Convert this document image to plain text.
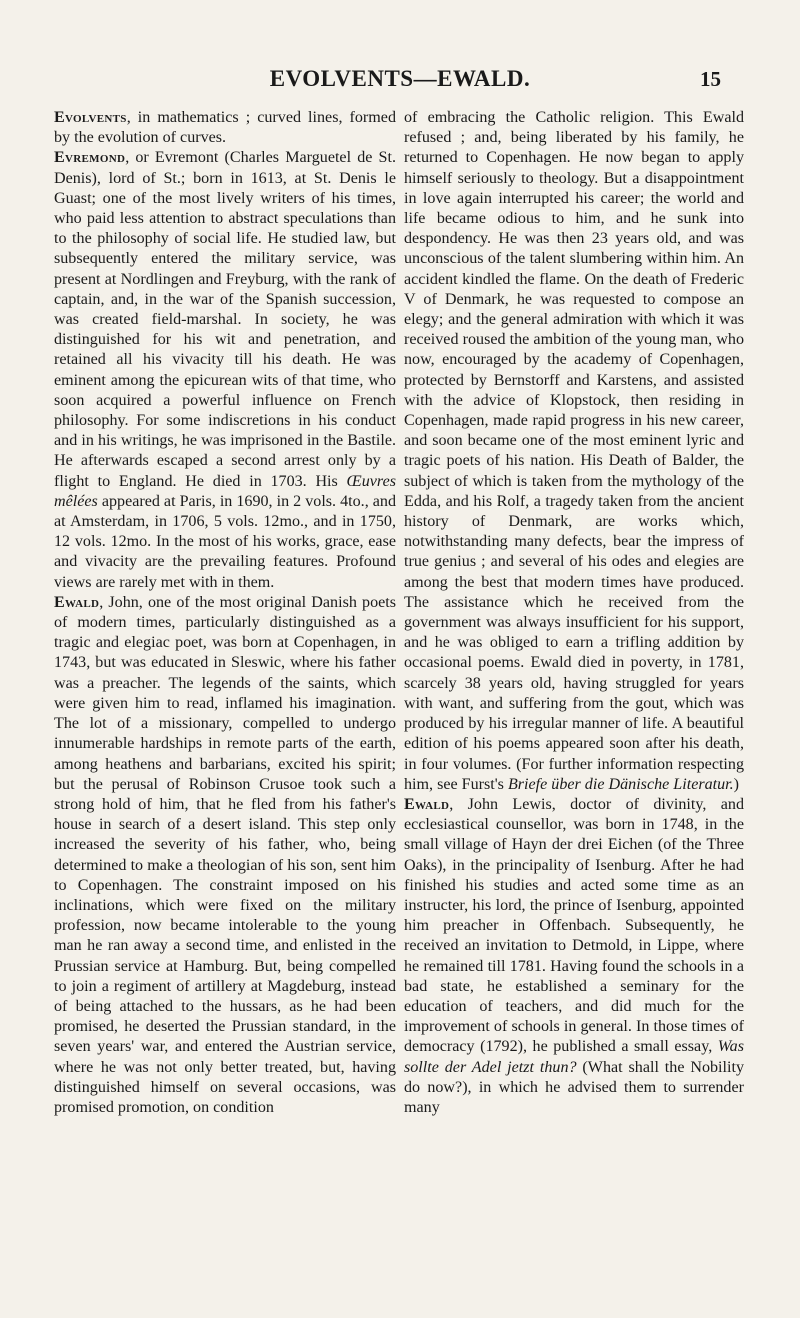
EVOLVENTS—EWALD.	15

Evolvents, in mathematics ; curved lines, formed by the evolution of curves.

Evremond, or Evremont (Charles Marguetel de St. Denis), lord of St.; born in 1613, at St. Denis le Guast; one of the most lively writers of his times, who paid less attention to abstract speculations than to the philosophy of social life. He studied law, but subsequently entered the military service, was present at Nordlingen and Freyburg, with the rank of captain, and, in the war of the Spanish succession, was created field-marshal. In society, he was distinguished for his wit and penetration, and retained all his vivacity till his death. He was eminent among the epicurean wits of that time, who soon acquired a powerful influence on French philosophy. For some indiscretions in his conduct and in his writings, he was imprisoned in the Bastile. He afterwards escaped a second arrest only by a flight to England. He died in 1703. His Œuvres mêlées appeared at Paris, in 1690, in 2 vols. 4to., and at Amsterdam, in 1706, 5 vols. 12mo., and in 1750, 12 vols. 12mo. In the most of his works, grace, ease and vivacity are the prevailing features. Profound views are rarely met with in them.

Ewald, John, one of the most original Danish poets of modern times, particularly distinguished as a tragic and elegiac poet, was born at Copenhagen, in 1743, but was educated in Sleswic, where his father was a preacher. The legends of the saints, which were given him to read, inflamed his imagination. The lot of a missionary, compelled to undergo innumerable hardships in remote parts of the earth, among heathens and barbarians, excited his spirit; but the perusal of Robinson Crusoe took such a strong hold of him, that he fled from his father's house in search of a desert island. This step only increased the severity of his father, who, being determined to make a theologian of his son, sent him to Copenhagen. The constraint imposed on his inclinations, which were fixed on the military profession, now became intolerable to the young man he ran away a second time, and enlisted in the Prussian service at Hamburg. But, being compelled to join a regiment of artillery at Magdeburg, instead of being attached to the hussars, as he had been promised, he deserted the Prussian standard, in the seven years' war, and entered the Austrian service, where he was not only better treated, but, having distinguished himself on several occasions, was promised promotion, on condition

of embracing the Catholic religion. This Ewald refused ; and, being liberated by his family, he returned to Copenhagen. He now began to apply himself seriously to theology. But a disappointment in love again interrupted his career; the world and life became odious to him, and he sunk into despondency. He was then 23 years old, and was unconscious of the talent slumbering within him. An accident kindled the flame. On the death of Frederic V of Denmark, he was requested to compose an elegy; and the general admiration with which it was received roused the ambition of the young man, who now, encouraged by the academy of Copenhagen, protected by Bernstorff and Karstens, and assisted with the advice of Klopstock, then residing in Copenhagen, made rapid progress in his new career, and soon became one of the most eminent lyric and tragic poets of his nation. His Death of Balder, the subject of which is taken from the mythology of the Edda, and his Rolf, a tragedy taken from the ancient history of Denmark, are works which, notwithstanding many defects, bear the impress of true genius ; and several of his odes and elegies are among the best that modern times have produced. The assistance which he received from the government was always insufficient for his support, and he was obliged to earn a trifling addition by occasional poems. Ewald died in poverty, in 1781, scarcely 38 years old, having struggled for years with want, and suffering from the gout, which was produced by his irregular manner of life. A beautiful edition of his poems appeared soon after his death, in four volumes. (For further information respecting him, see Furst's Briefe über die Dänische Literatur.)

Ewald, John Lewis, doctor of divinity, and ecclesiastical counsellor, was born in 1748, in the small village of Hayn der drei Eichen (of the Three Oaks), in the principality of Isenburg. After he had finished his studies and acted some time as an instructer, his lord, the prince of Isenburg, appointed him preacher in Offenbach. Subsequently, he received an invitation to Detmold, in Lippe, where he remained till 1781. Having found the schools in a bad state, he established a seminary for the education of teachers, and did much for the improvement of schools in general. In those times of democracy (1792), he published a small essay, Was sollte der Adel jetzt thun? (What shall the Nobility do now?), in which he advised them to surrender many
